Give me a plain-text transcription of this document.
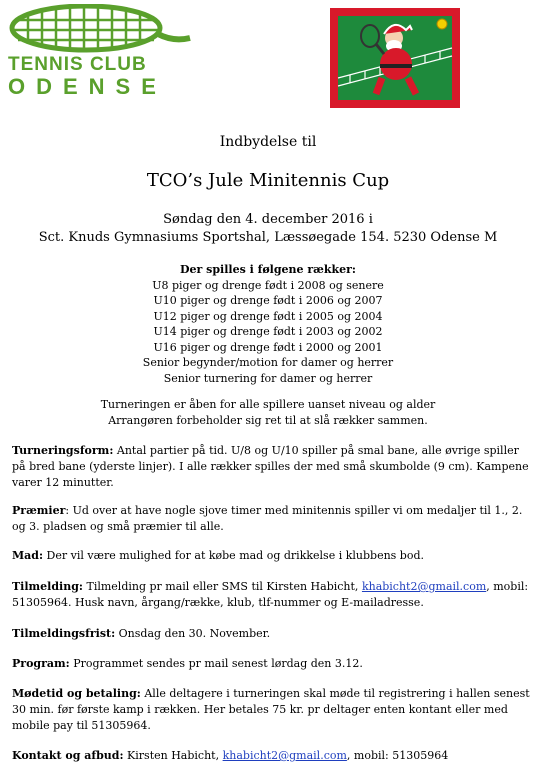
TENNIS CLUB
ODENSE
Indbydelse til
TCO’s Jule Minitennis Cup
Søndag den 4. december 2016 i
Sct. Knuds Gymnasiums Sportshal, Læssøegade 154. 5230 Odense M
Der spilles i følgene rækker:
U8 piger og drenge født i 2008 og senere
U10 piger og drenge født i 2006 og 2007
U12 piger og drenge født i 2005 og 2004
U14 piger og drenge født i 2003 og 2002
U16 piger og drenge født i 2000 og 2001
Senior begynder/motion for damer og herrer
Senior turnering for damer og herrer
Turneringen er åben for alle spillere uanset niveau og alder
Arrangøren forbeholder sig ret til at slå rækker sammen.
Turneringsform: Antal partier på tid. U/8 og U/10 spiller på smal bane, alle øvrige spiller på bred bane (yderste linjer). I alle rækker spilles der med små skumbolde (9 cm). Kampene varer 12 minutter.
Præmier: Ud over at have nogle sjove timer med minitennis spiller vi om medaljer til 1., 2. og 3. pladsen og små præmier til alle.
Mad: Der vil være mulighed for at købe mad og drikkelse i klubbens bod.
Tilmelding: Tilmelding pr mail eller SMS til Kirsten Habicht, khabicht2@gmail.com, mobil: 51305964. Husk navn, årgang/række, klub, tlf-nummer og E-mailadresse.
Tilmeldingsfrist: Onsdag den 30. November.
Program: Programmet sendes pr mail senest lørdag den 3.12.
Mødetid og betaling: Alle deltagere i turneringen skal møde til registrering i hallen senest 30 min. før første kamp i rækken. Her betales 75 kr. pr deltager enten kontant eller med mobile pay til 51305964.
Kontakt og afbud: Kirsten Habicht, khabicht2@gmail.com, mobil: 51305964
